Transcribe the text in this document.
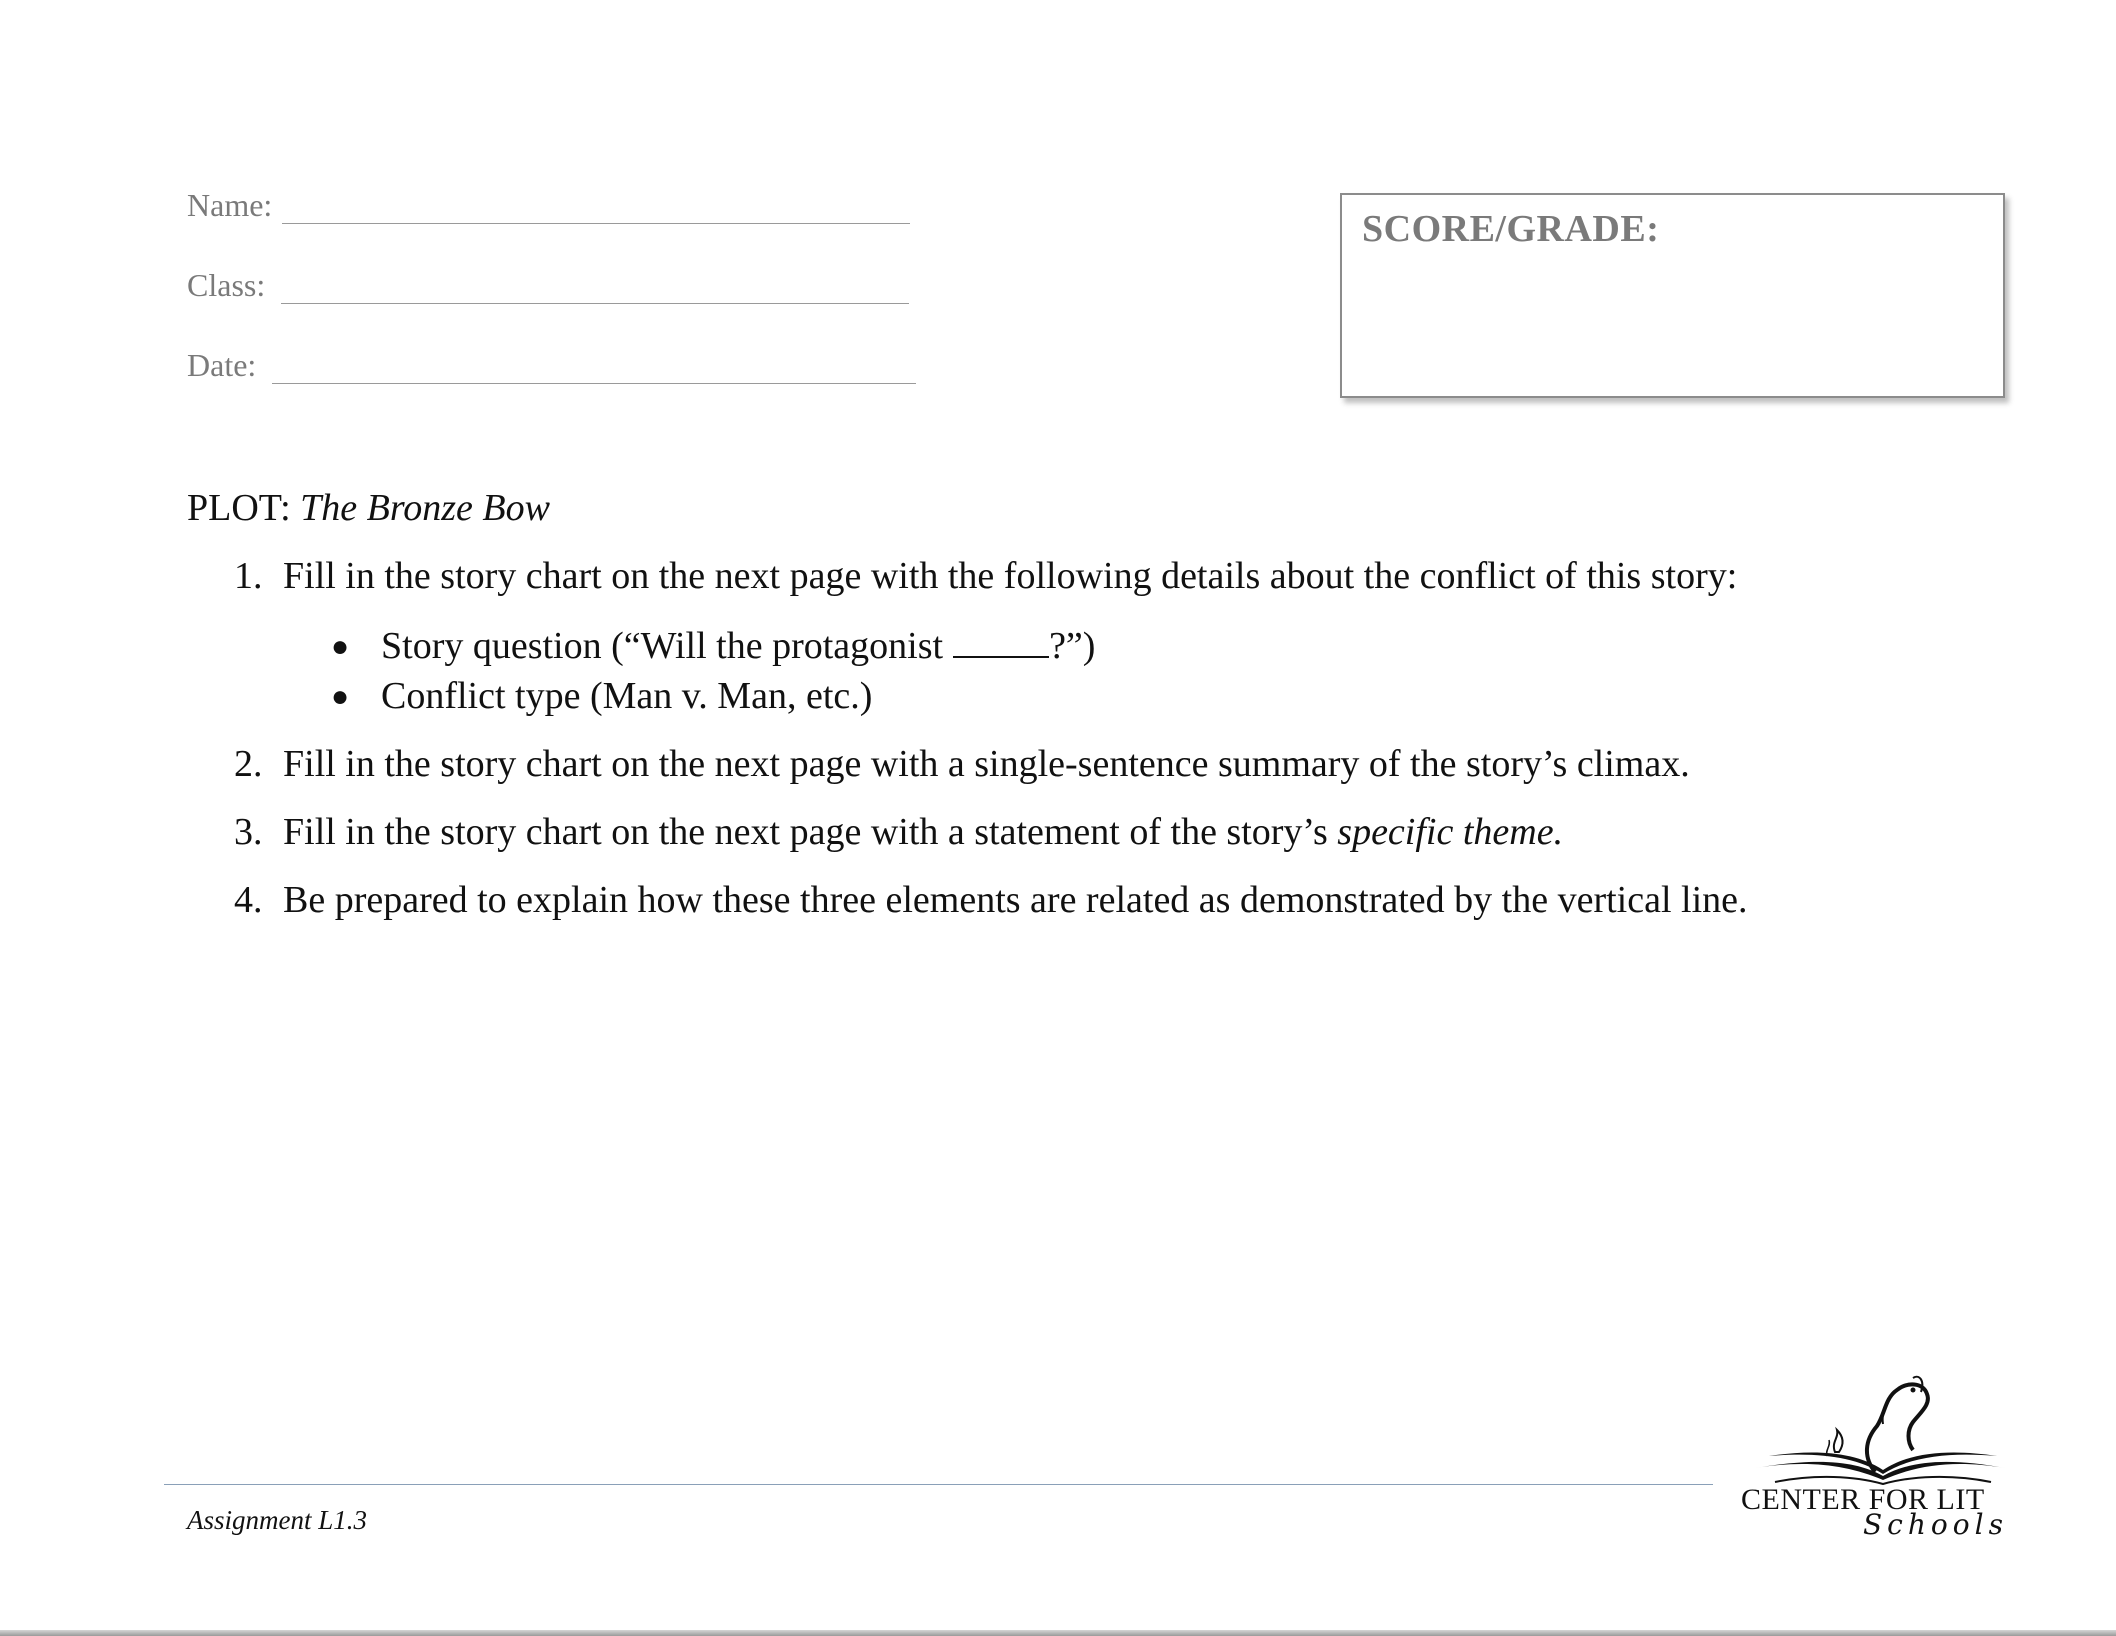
Name:
Class:
Date:
SCORE/GRADE:
PLOT: The Bronze Bow
1. Fill in the story chart on the next page with the following details about the conflict of this story:
● Story question (“Will the protagonist	?”)
● Conflict type (Man v. Man, etc.)
2. Fill in the story chart on the next page with a single-sentence summary of the story’s climax.
3. Fill in the story chart on the next page with a statement of the story’s specific theme.
4. Be prepared to explain how these three elements are related as demonstrated by the vertical line.
Assignment L1.3
CENTER FOR LIT
Schools
